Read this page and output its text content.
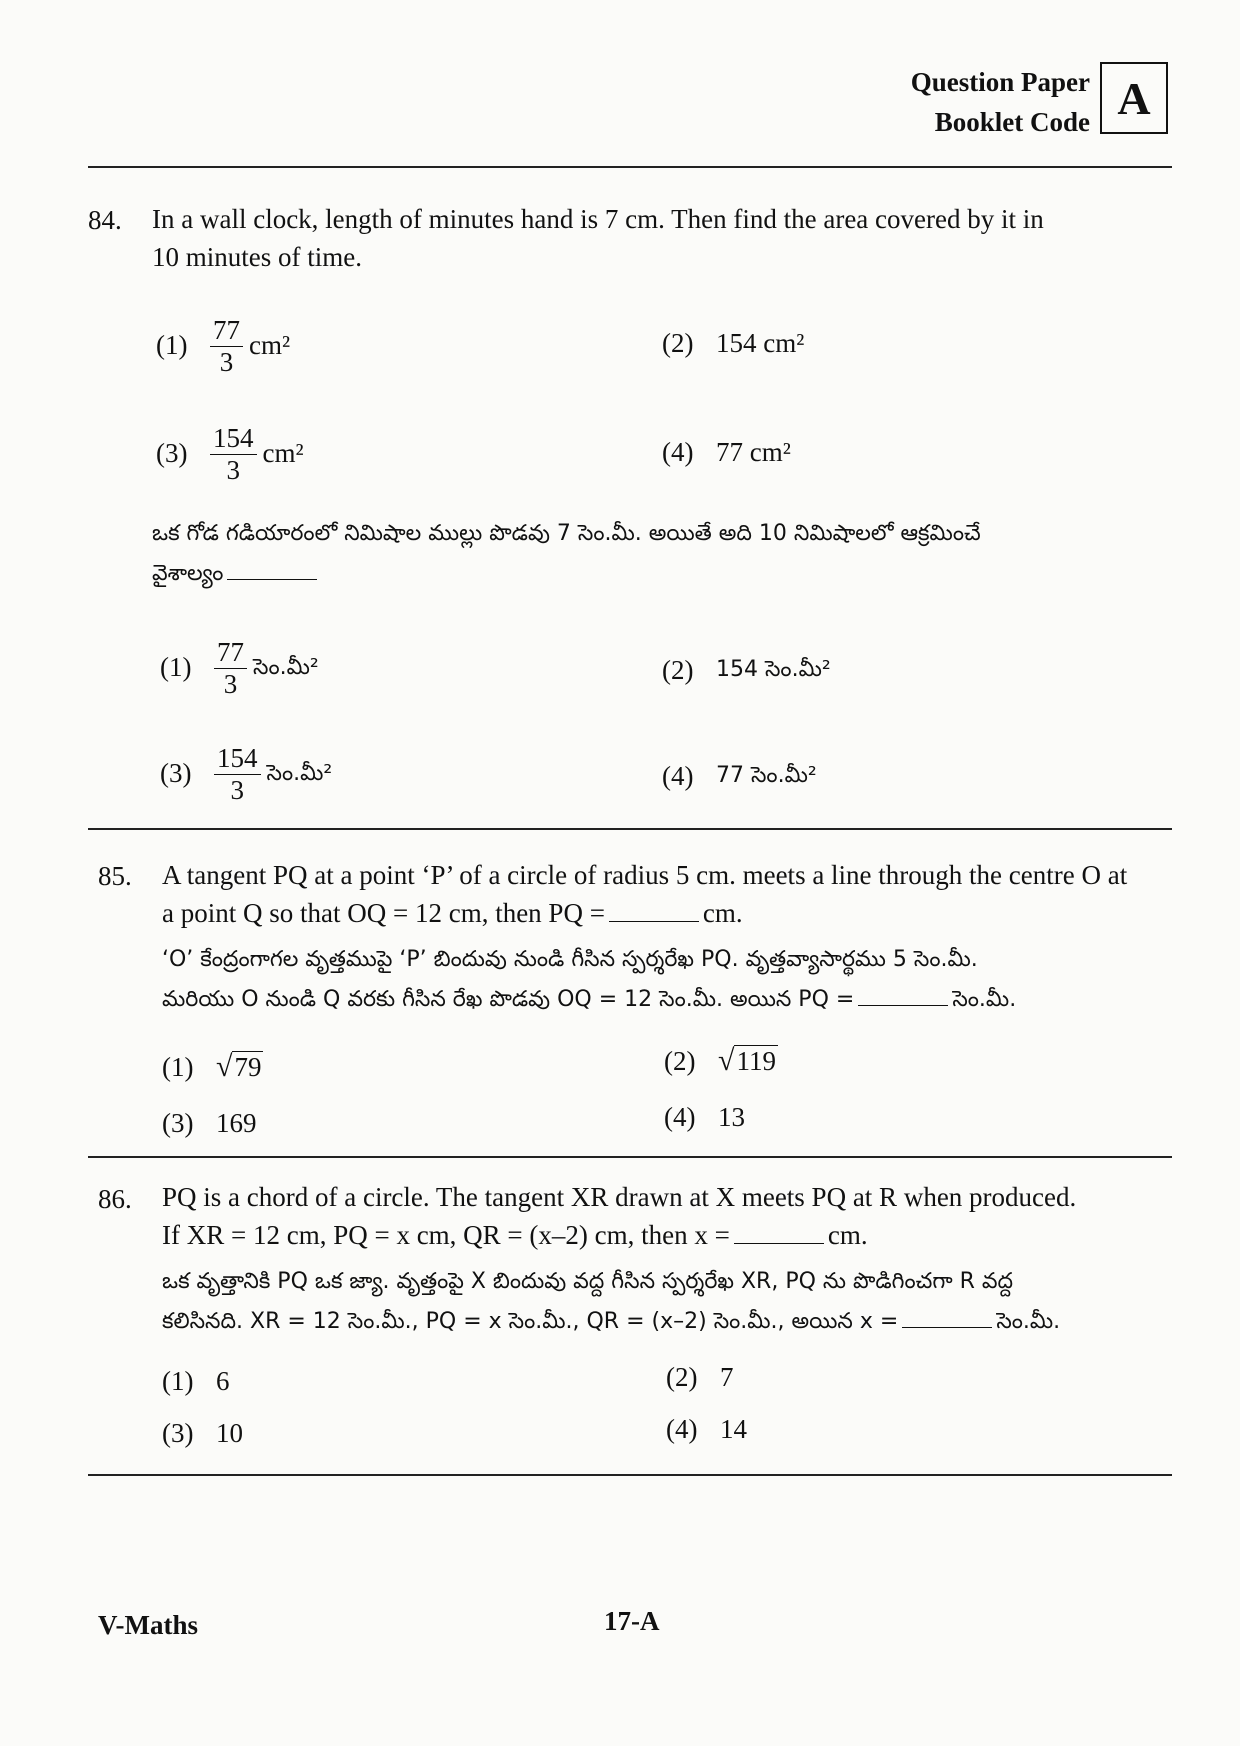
Question Paper
Booklet Code A
84. In a wall clock, length of minutes hand is 7 cm. Then find the area covered by it in
10 minutes of time.
$(1) \frac{77}{3} cm^2$	(2) 154 cm²
$(3) \frac{154}{3} cm^2$	(4) 77 cm²
ఒక గోడ గడియారంలో నిమిషాల ముల్లు పొడవు 7 సెం.మీ. అయితే అది 10 నిమిషాలలో ఆక్రమించే
వైశాల్యం
$(1) \frac{77}{3}$ సెం.మీ²	(2)	154 సెం.మీ²
$(3) \frac{154}{3}$ సెం.మీ²	(4)	77 సెం.మీ²
85. A tangent PQ at a point ‘P’ of a circle of radius 5 cm. meets a line through the centre O at
a point Q so that OQ = 12 cm, then PQ =	cm.
‘O’ కేంద్రంగాగల వృత్తముపై ‘P’ బిందువు నుండి గీసిన స్పర్శరేఖ PQ. వృత్తవ్యాసార్థము 5 సెం.మీ.
మరియు O నుండి Q వరకు గీసిన రేఖ పొడవు OQ = 12 సెం.మీ. అయిన PQ =	సెం.మీ.
(1) √79	(2) √119
(3) 169	(4) 13
86. PQ is a chord of a circle. The tangent XR drawn at X meets PQ at R when produced.
If XR = 12 cm, PQ = x cm, QR = (x–2) cm, then x =	cm.
ఒక వృత్తానికి PQ ఒక జ్యా. వృత్తంపై X బిందువు వద్ద గీసిన స్పర్శరేఖ XR, PQ ను పొడిగించగా R వద్ద
కలిసినది. XR = 12 సెం.మీ., PQ = x సెం.మీ., QR = (x–2) సెం.మీ., అయిన x =	సెం.మీ.
(1) 6	(2) 7
(3) 10	(4) 14
V-Maths	17-A
